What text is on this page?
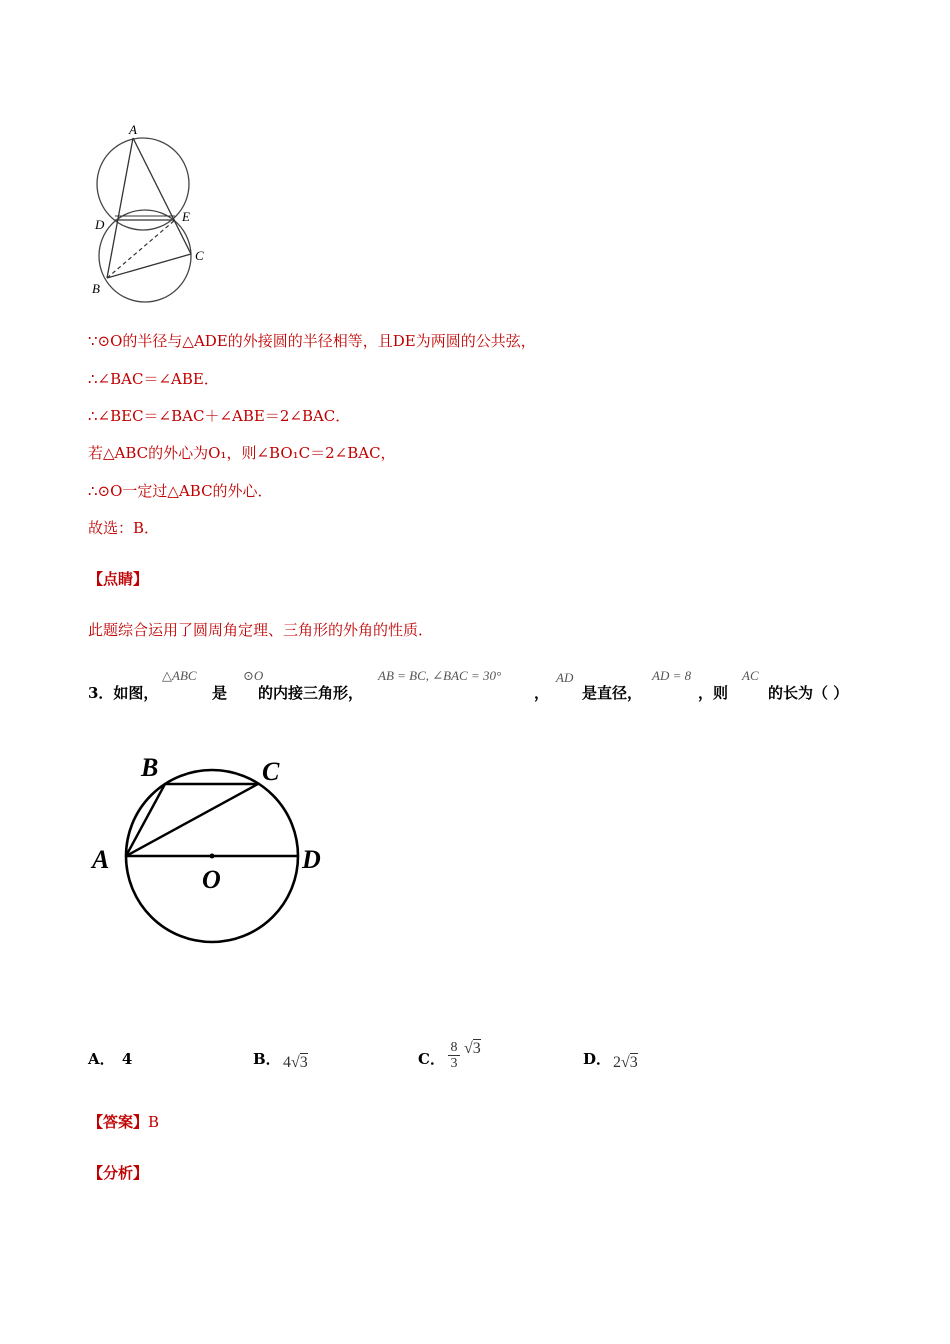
A
D
E
B
C
∵⊙O的半径与△ADE的外接圆的半径相等，且DE为两圆的公共弦，
∴∠BAC＝∠ABE．
∴∠BEC＝∠BAC＋∠ABE＝2∠BAC．
若△ABC的外心为O₁，则∠BO₁C＝2∠BAC，
∴⊙O一定过△ABC的外心．
故选：B．
【点睛】
此题综合运用了圆周角定理、三角形的外角的性质．
3．如图，
△ABC
是
⊙O
的内接三角形，
AB = BC, ∠BAC = 30°
，
AD
是直径，
AD = 8
，则
AC
的长为（ ）
B	C
A
O
D
A． 4	B． 4√3	C． $\frac{8}{3} √3$
D． 2√3
【答案】B
【分析】
